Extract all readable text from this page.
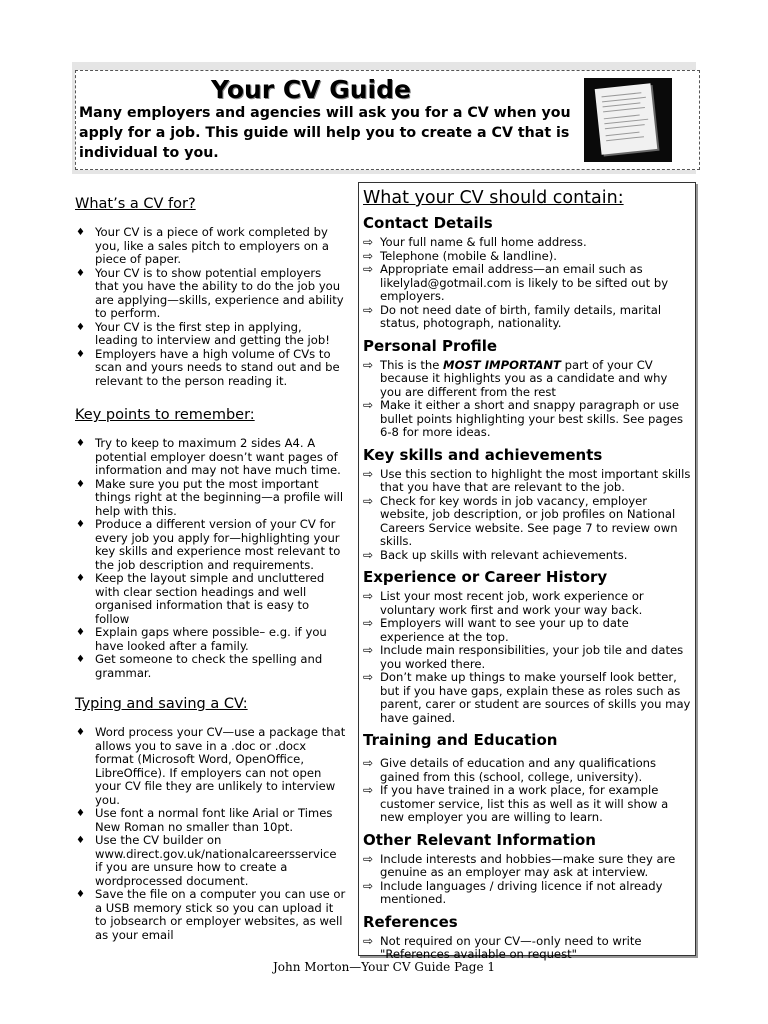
Your CV Guide
Many employers and agencies will ask you for a CV when you apply for a job. This guide will help you to create a CV that is individual to you.
What’s a CV for?
♦ Your CV is a piece of work completed by you, like a sales pitch to employers on a piece of paper.
♦ Your CV is to show potential employers that you have the ability to do the job you are applying—skills, experience and ability to perform.
♦ Your CV is the first step in applying, leading to interview and getting the job!
♦ Employers have a high volume of CVs to scan and yours needs to stand out and be relevant to the person reading it.
Key points to remember:
♦ Try to keep to maximum 2 sides A4. A potential employer doesn’t want pages of information and may not have much time.
♦ Make sure you put the most important things right at the beginning—a profile will help with this.
♦ Produce a different version of your CV for every job you apply for—highlighting your key skills and experience most relevant to the job description and requirements.
♦ Keep the layout simple and uncluttered with clear section headings and well organised information that is easy to follow
♦ Explain gaps where possible– e.g. if you have looked after a family.
♦ Get someone to check the spelling and grammar.
Typing and saving a CV:
♦ Word process your CV—use a package that allows you to save in a .doc or .docx format (Microsoft Word, OpenOffice, LibreOffice). If employers can not open your CV file they are unlikely to interview you.
♦ Use font a normal font like Arial or Times New Roman no smaller than 10pt.
♦ Use the CV builder on www.direct.gov.uk/nationalcareersservice if you are unsure how to create a wordprocessed document.
♦ Save the file on a computer you can use or a USB memory stick so you can upload it to jobsearch or employer websites, as well as your email
What your CV should contain:
Contact Details
⇨ Your full name & full home address.
⇨ Telephone (mobile & landline).
⇨ Appropriate email address—an email such as likelylad@gotmail.com is likely to be sifted out by employers.
⇨ Do not need date of birth, family details, marital status, photograph, nationality.
Personal Profile
⇨ This is the MOST IMPORTANT part of your CV because it highlights you as a candidate and why you are different from the rest
⇨ Make it either a short and snappy paragraph or use bullet points highlighting your best skills. See pages 6-8 for more ideas.
Key skills and achievements
⇨ Use this section to highlight the most important skills that you have that are relevant to the job.
⇨ Check for key words in job vacancy, employer website, job description, or job profiles on National Careers Service website. See page 7 to review own skills.
⇨ Back up skills with relevant achievements.
Experience or Career History
⇨ List your most recent job, work experience or voluntary work first and work your way back.
⇨ Employers will want to see your up to date experience at the top.
⇨ Include main responsibilities, your job tile and dates you worked there.
⇨ Don’t make up things to make yourself look better, but if you have gaps, explain these as roles such as parent, carer or student are sources of skills you may have gained.
Training and Education
⇨ Give details of education and any qualifications gained from this (school, college, university).
⇨ If you have trained in a work place, for example customer service, list this as well as it will show a new employer you are willing to learn.
Other Relevant Information
⇨ Include interests and hobbies—make sure they are genuine as an employer may ask at interview.
⇨ Include languages / driving licence if not already mentioned.
References
⇨ Not required on your CV—-only need to write "References available on request"
John Morton—Your CV Guide Page 1
